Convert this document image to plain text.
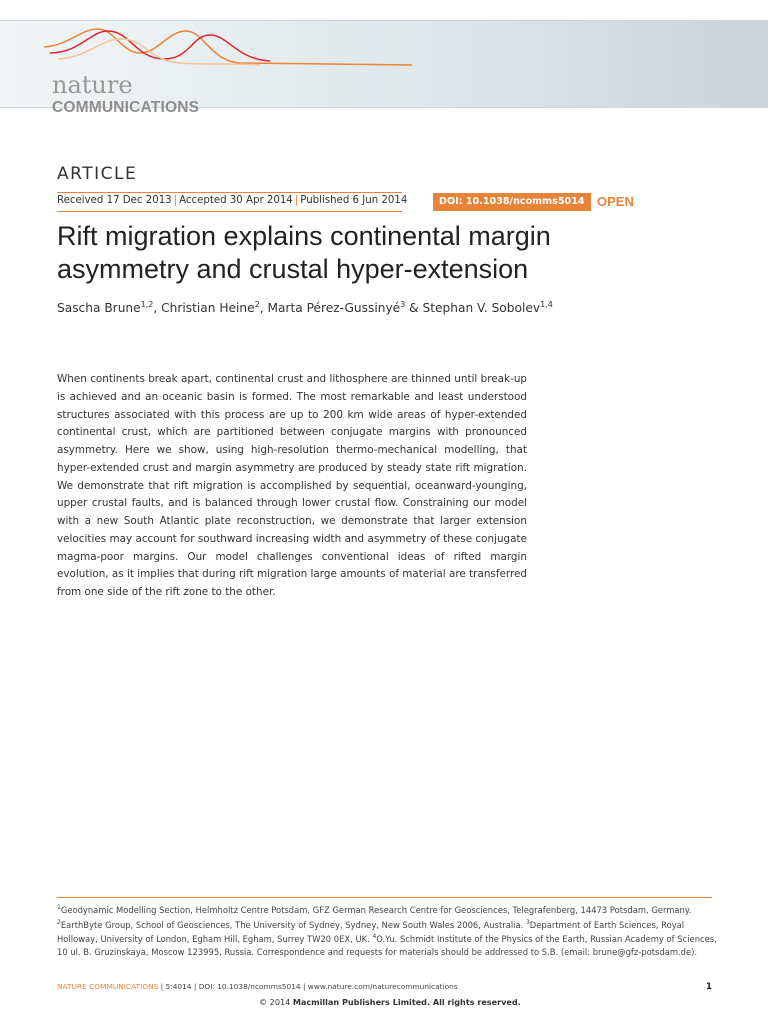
nature
COMMUNICATIONS
ARTICLE
Received 17 Dec 2013 | Accepted 30 Apr 2014 | Published 6 Jun 2014	DOI: 10.1038/ncomms5014 OPEN
Rift migration explains continental margin asymmetry and crustal hyper-extension
Sascha Brune$^{1,2}$, Christian Heine$^2$, Marta Pérez-Gussinyé$^3$ & Stephan V. Sobolev$^{1,4}$

When continents break apart, continental crust and lithosphere are thinned until break-up is achieved and an oceanic basin is formed. The most remarkable and least understood structures associated with this process are up to 200 km wide areas of hyper-extended continental crust, which are partitioned between conjugate margins with pronounced asymmetry. Here we show, using high-resolution thermo-mechanical modelling, that hyper-extended crust and margin asymmetry are produced by steady state rift migration. We demonstrate that rift migration is accomplished by sequential, oceanward-younging, upper crustal faults, and is balanced through lower crustal flow. Constraining our model with a new South Atlantic plate reconstruction, we demonstrate that larger extension velocities may account for southward increasing width and asymmetry of these conjugate magma-poor margins. Our model challenges conventional ideas of rifted margin evolution, as it implies that during rift migration large amounts of material are transferred from one side of the rift zone to the other.

$^1$Geodynamic Modelling Section, Helmholtz Centre Potsdam, GFZ German Research Centre for Geosciences, Telegrafenberg, 14473 Potsdam, Germany. $^2$EarthByte Group, School of Geosciences, The University of Sydney, Sydney, New South Wales 2006, Australia. $^3$Department of Earth Sciences, Royal Holloway, University of London, Egham Hill, Egham, Surrey TW20 0EX, UK. $^4$O.Yu. Schmidt Institute of the Physics of the Earth, Russian Academy of Sciences, 10 ul. B. Gruzinskaya, Moscow 123995, Russia. Correspondence and requests for materials should be addressed to S.B. (email: brune@gfz-potsdam.de).
NATURE COMMUNICATIONS | 5:4014 | DOI: 10.1038/ncomms5014 | www.nature.com/naturecommunications	1
© 2014 Macmillan Publishers Limited. All rights reserved.
